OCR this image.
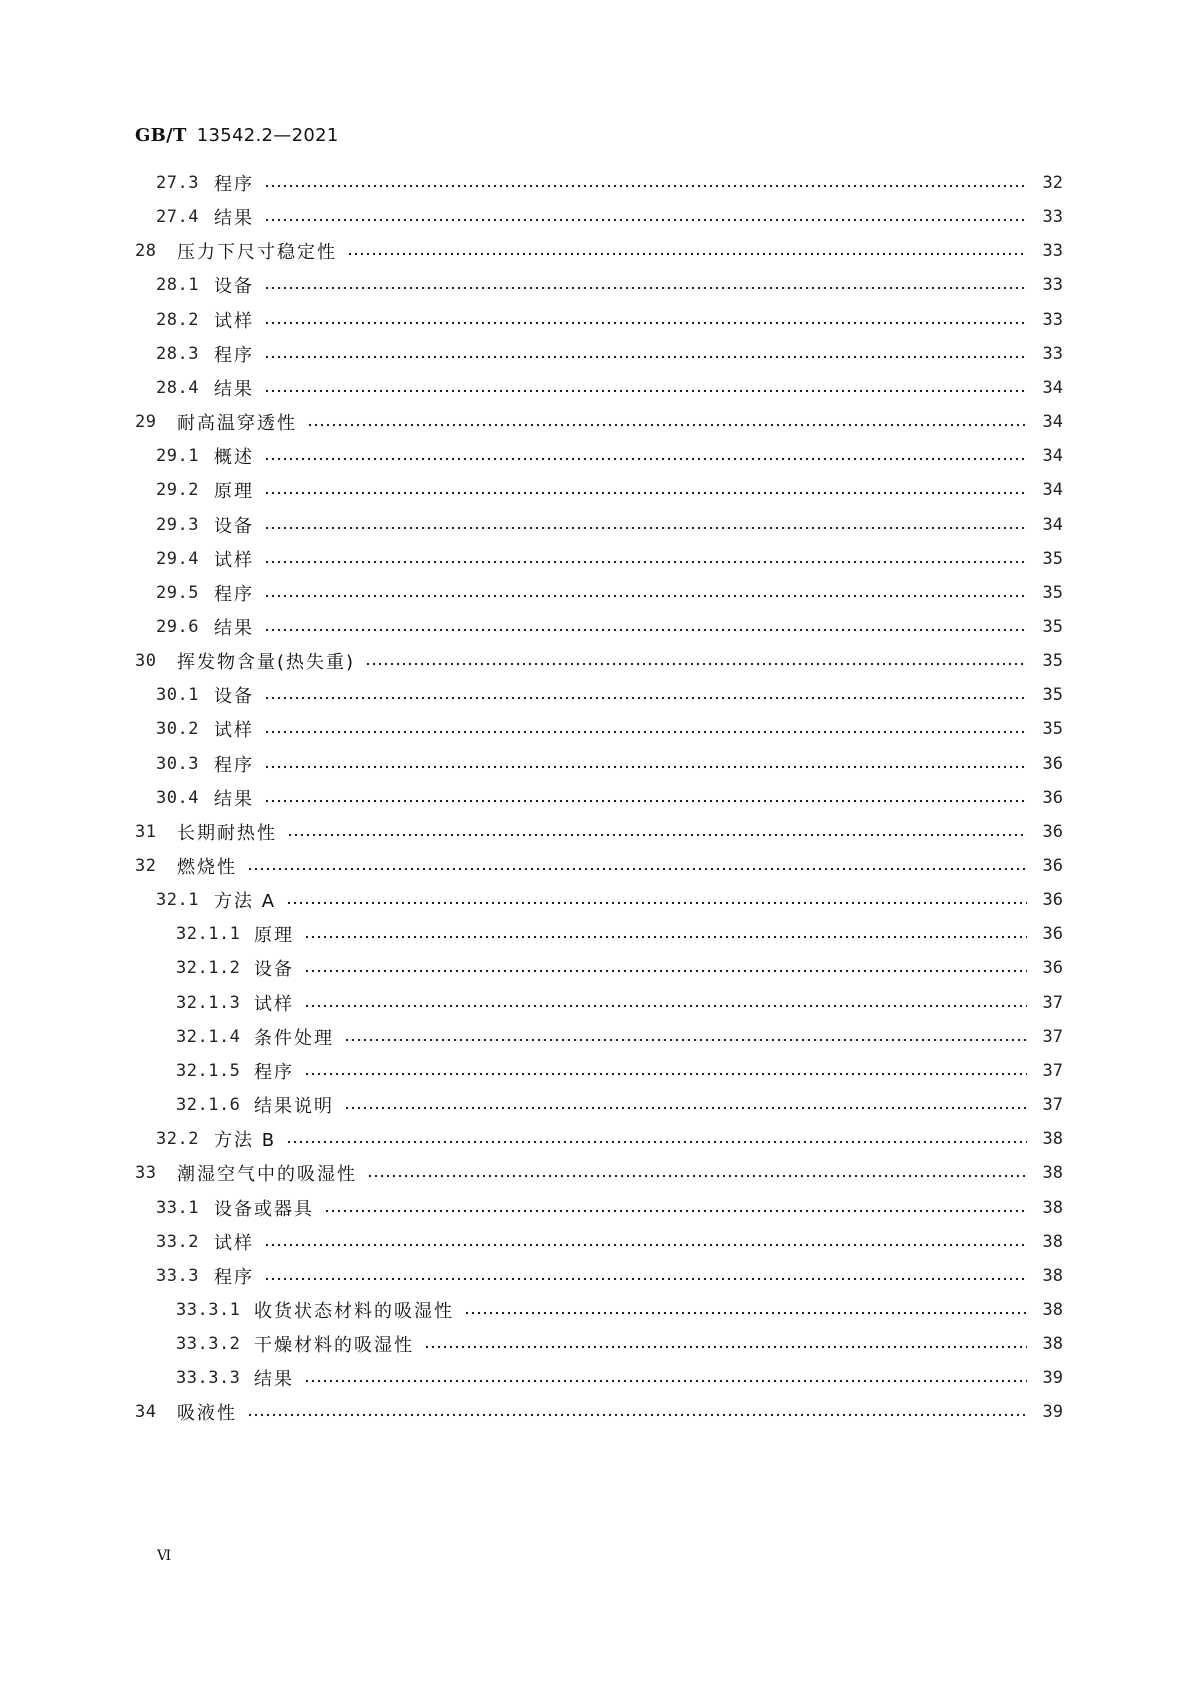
GB/T 13542.2—2021
27.3 程序	32
27.4 结果	33
28	压力下尺寸稳定性	33
28.1 设备	33
28.2 试样	33
28.3 程序	33
28.4 结果	34
29	耐高温穿透性	34
29.1 概述	34
29.2 原理	34
29.3 设备	34
29.4 试样	35
29.5 程序	35
29.6 结果	35
30	挥发物含量(热失重)	35
30.1 设备	35
30.2 试样	35
30.3 程序	36
30.4 结果	36
31	长期耐热性	36
32	燃烧性	36
32.1 方法 A	36
32.1.1 原理	36
32.1.2 设备	36
32.1.3 试样	37
32.1.4 条件处理	37
32.1.5 程序	37
32.1.6 结果说明	37
32.2 方法 B	38
33	潮湿空气中的吸湿性	38
33.1 设备或器具	38
33.2 试样	38
33.3 程序	38
33.3.1 收货状态材料的吸湿性	38
33.3.2 干燥材料的吸湿性	38
33.3.3 结果	39
34	吸液性	39
Ⅵ
